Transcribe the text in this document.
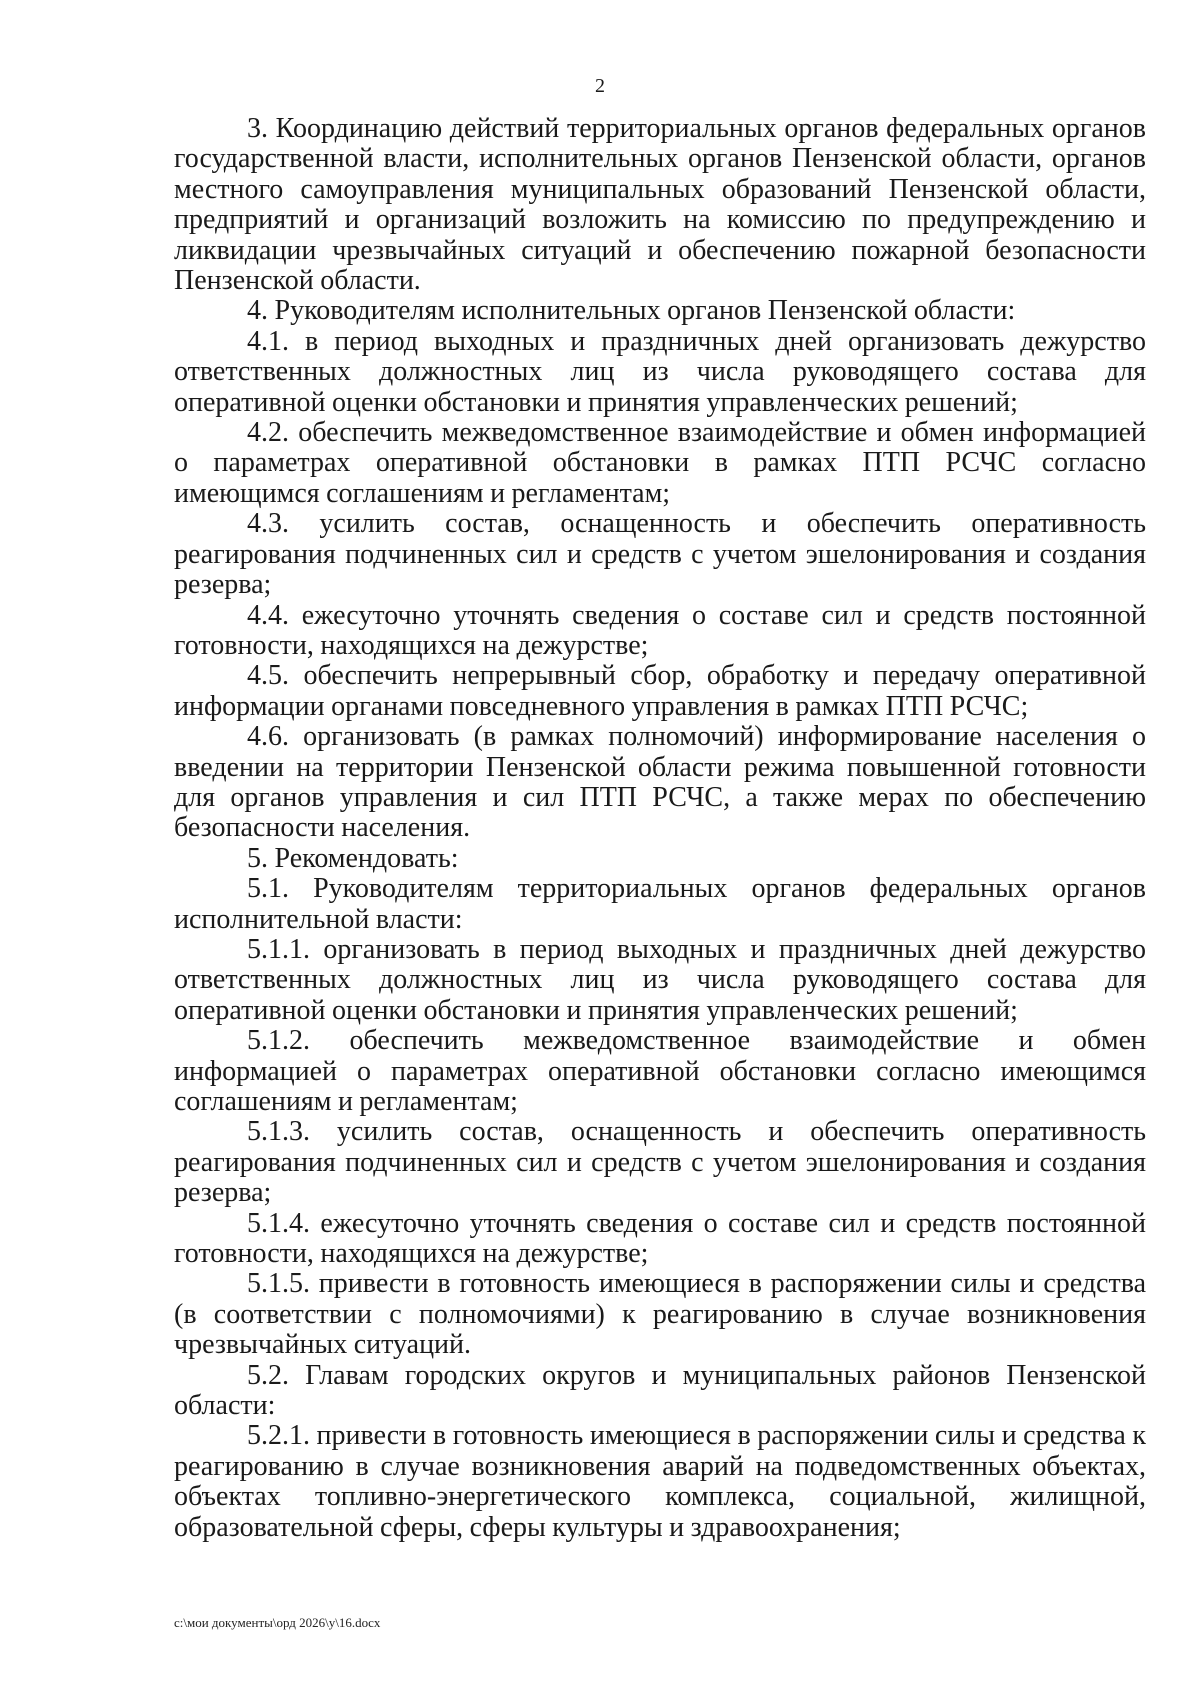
2

3. Координацию действий территориальных органов федеральных органов государственной власти, исполнительных органов Пензенской области, органов местного самоуправления муниципальных образований Пензенской области, предприятий и организаций возложить на комиссию по предупреждению и ликвидации чрезвычайных ситуаций и обеспечению пожарной безопасности Пензенской области.

4. Руководителям исполнительных органов Пензенской области:

4.1. в период выходных и праздничных дней организовать дежурство ответственных должностных лиц из числа руководящего состава для оперативной оценки обстановки и принятия управленческих решений;

4.2. обеспечить межведомственное взаимодействие и обмен информацией о параметрах оперативной обстановки в рамках ПТП РСЧС согласно имеющимся соглашениям и регламентам;

4.3. усилить состав, оснащенность и обеспечить оперативность реагирования подчиненных сил и средств с учетом эшелонирования и создания резерва;

4.4. ежесуточно уточнять сведения о составе сил и средств постоянной готовности, находящихся на дежурстве;

4.5. обеспечить непрерывный сбор, обработку и передачу оперативной информации органами повседневного управления в рамках ПТП РСЧС;

4.6. организовать (в рамках полномочий) информирование населения о введении на территории Пензенской области режима повышенной готовности для органов управления и сил ПТП РСЧС, а также мерах по обеспечению безопасности населения.

5. Рекомендовать:

5.1. Руководителям территориальных органов федеральных органов исполнительной власти:

5.1.1. организовать в период выходных и праздничных дней дежурство ответственных должностных лиц из числа руководящего состава для оперативной оценки обстановки и принятия управленческих решений;

5.1.2. обеспечить межведомственное взаимодействие и обмен информацией о параметрах оперативной обстановки согласно имеющимся соглашениям и регламентам;

5.1.3. усилить состав, оснащенность и обеспечить оперативность реагирования подчиненных сил и средств с учетом эшелонирования и создания резерва;

5.1.4. ежесуточно уточнять сведения о составе сил и средств постоянной готовности, находящихся на дежурстве;

5.1.5. привести в готовность имеющиеся в распоряжении силы и средства (в соответствии с полномочиями) к реагированию в случае возникновения чрезвычайных ситуаций.

5.2. Главам городских округов и муниципальных районов Пензенской области:

5.2.1. привести в готовность имеющиеся в распоряжении силы и средства к реагированию в случае возникновения аварий на подведомственных объектах, объектах топливно-энергетического комплекса, социальной, жилищной, образовательной сферы, сферы культуры и здравоохранения;

c:\мои документы\орд 2026\у\16.docx
